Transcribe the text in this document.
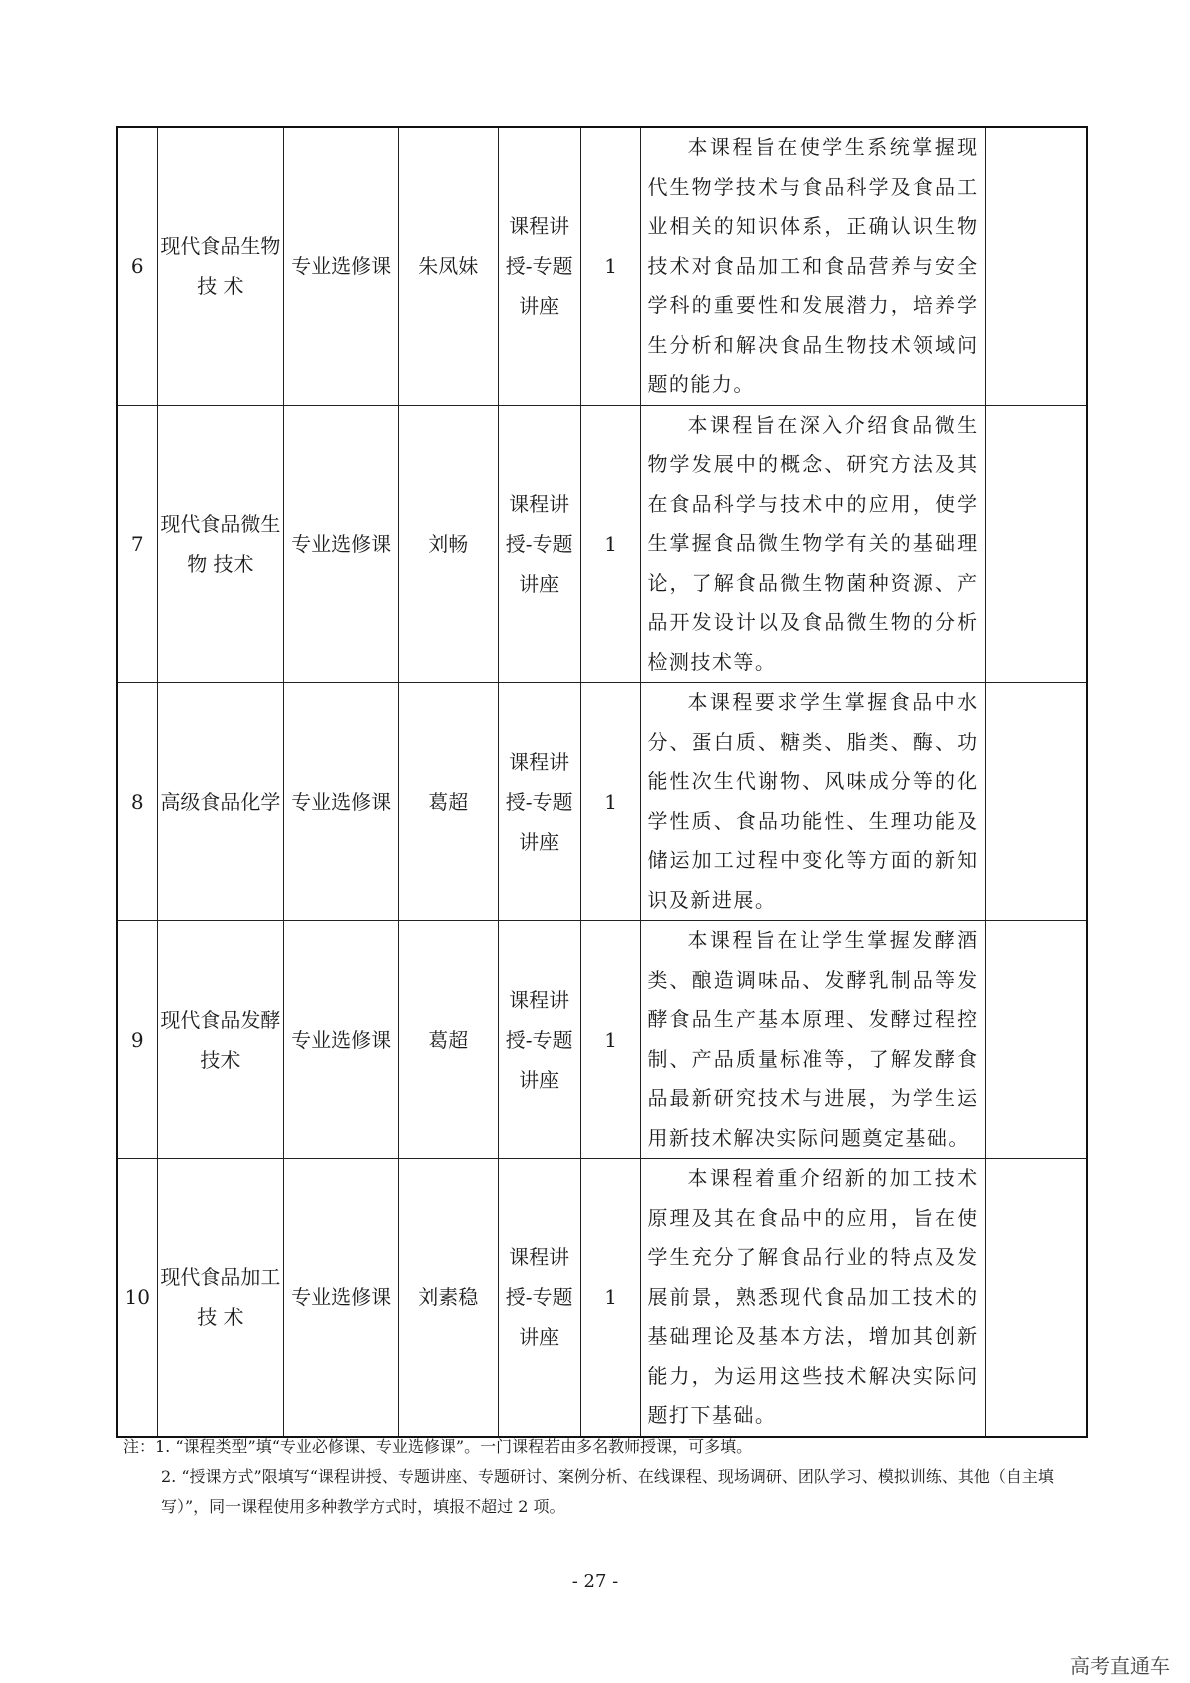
6	现代食品生物技 术	专业选修课	朱凤妹	课程讲授-专题讲座	1	本课程旨在使学生系统掌握现代生物学技术与食品科学及食品工业相关的知识体系，正确认识生物技术对食品加工和食品营养与安全学科的重要性和发展潜力，培养学生分析和解决食品生物技术领域问题的能力。	

7	现代食品微生物 技术	专业选修课	刘畅	课程讲授-专题讲座	1	本课程旨在深入介绍食品微生物学发展中的概念、研究方法及其在食品科学与技术中的应用，使学生掌握食品微生物学有关的基础理论，了解食品微生物菌种资源、产品开发设计以及食品微生物的分析检测技术等。	

8	高级食品化学	专业选修课	葛超	课程讲授-专题讲座	1	本课程要求学生掌握食品中水分、蛋白质、糖类、脂类、酶、功能性次生代谢物、风味成分等的化学性质、食品功能性、生理功能及储运加工过程中变化等方面的新知识及新进展。	

9	现代食品发酵技术	专业选修课	葛超	课程讲授-专题讲座	1	本课程旨在让学生掌握发酵酒类、酿造调味品、发酵乳制品等发酵食品生产基本原理、发酵过程控制、产品质量标准等，了解发酵食品最新研究技术与进展，为学生运用新技术解决实际问题奠定基础。	

10	现代食品加工技 术	专业选修课	刘素稳	课程讲授-专题讲座	1	本课程着重介绍新的加工技术原理及其在食品中的应用，旨在使学生充分了解食品行业的特点及发展前景，熟悉现代食品加工技术的基础理论及基本方法，增加其创新能力，为运用这些技术解决实际问题打下基础。	

注：1. “课程类型”填“专业必修课、专业选修课”。一门课程若由多名教师授课，可多填。
2. “授课方式”限填写“课程讲授、专题讲座、专题研讨、案例分析、在线课程、现场调研、团队学习、模拟训练、其他（自主填写）”，同一课程使用多种教学方式时，填报不超过 2 项。
- 27 -
高考直通车
